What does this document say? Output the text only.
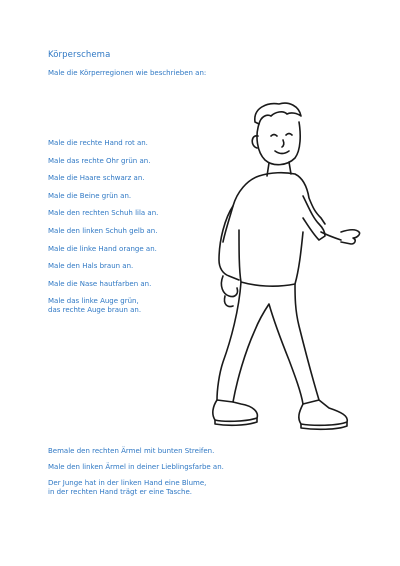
Körperschema
Male die Körperregionen wie beschrieben an:
Male die rechte Hand rot an.
Male das rechte Ohr grün an.
Male die Haare schwarz an.
Male die Beine grün an.
Male den rechten Schuh lila an.
Male den linken Schuh gelb an.
Male die linke Hand orange an.
Male den Hals braun an.
Male die Nase hautfarben an.
Male das linke Auge grün,
das rechte Auge braun an.
Bemale den rechten Ärmel mit bunten Streifen.
Male den linken Ärmel in deiner Lieblingsfarbe an.
Der Junge hat in der linken Hand eine Blume,
in der rechten Hand trägt er eine Tasche.
